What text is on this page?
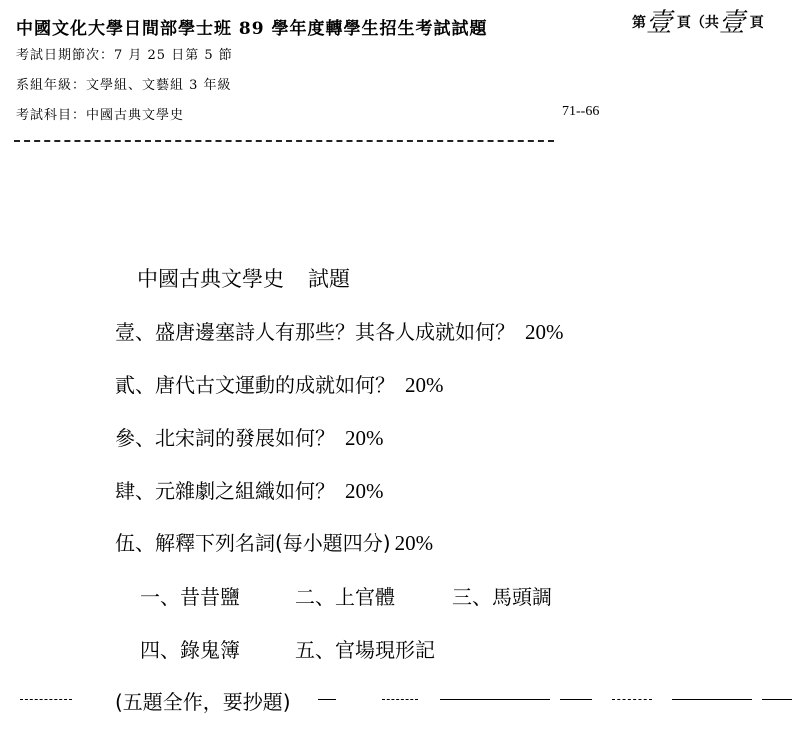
中國文化大學日間部學士班 89 學年度轉學生招生考試試題	第壹 頁（共壹 頁
考試日期節次：7 月 25 日第 5 節
系組年級：文學組、文藝組 3 年級
考試科目：中國古典文學史	71--66
中國古典文學史 試題
壹、盛唐邊塞詩人有那些？其各人成就如何？ 20%
貳、唐代古文運動的成就如何？ 20%
參、北宋詞的發展如何？ 20%
肆、元雜劇之組織如何？ 20%
伍、解釋下列名詞(每小題四分) 20%
一、昔昔鹽	二、上官體	三、馬頭調
四、錄鬼簿	五、官場現形記
(五題全作，要抄題)
